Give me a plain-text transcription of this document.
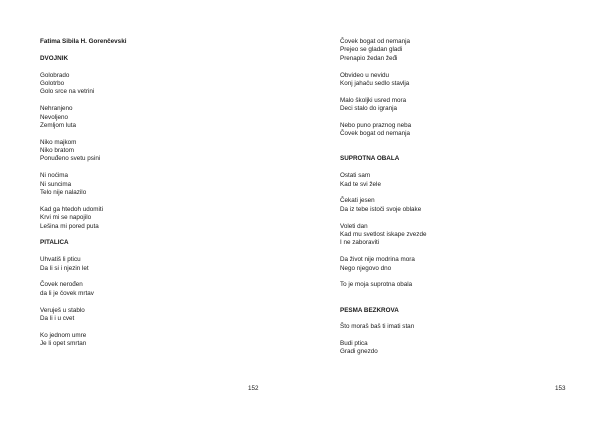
Fatima Sibila H. Gorenčevski
DVOJNIK
Golobrado
Golotrbo
Golo srce na vetrini
Nehranjeno
Nevoljeno
Zemljom luta
Niko majkom
Niko bratom
Ponuđeno svetu psini
Ni noćima
Ni suncima
Telo nije nalazilo
Kad ga htedoh udomiti
Krvi mi se napojilo
Lešina mi pored puta
PITALICA
Uhvatiš li pticu
Da li si i njezin let
Čovek nerođen
da li je čovek mrtav
Veruješ u stablo
Da li i u cvet
Ko jednom umre
Je li opet smrtan
152
Čovek bogat od nemanja
Prejeo se gladan gladi
Prenapio žedan žeđi
Obvideo u nevidu
Konj jahaču sedlo stavlja
Malo školjki usred mora
Deci stalo do igranja
Nebo puno praznog neba
Čovek bogat od nemanja
SUPROTNA OBALA
Ostati sam
Kad te svi žele
Čekati jesen
Da iz tebe istoči svoje oblake
Voleti dan
Kad mu svetlost iskape zvezde
I ne zaboraviti
Da život nije modrina mora
Nego njegovo dno
To je moja suprotna obala
PESMA BEZKROVA
Što moraš baš ti imati stan
Budi ptica
Gradi gnezdo
153
